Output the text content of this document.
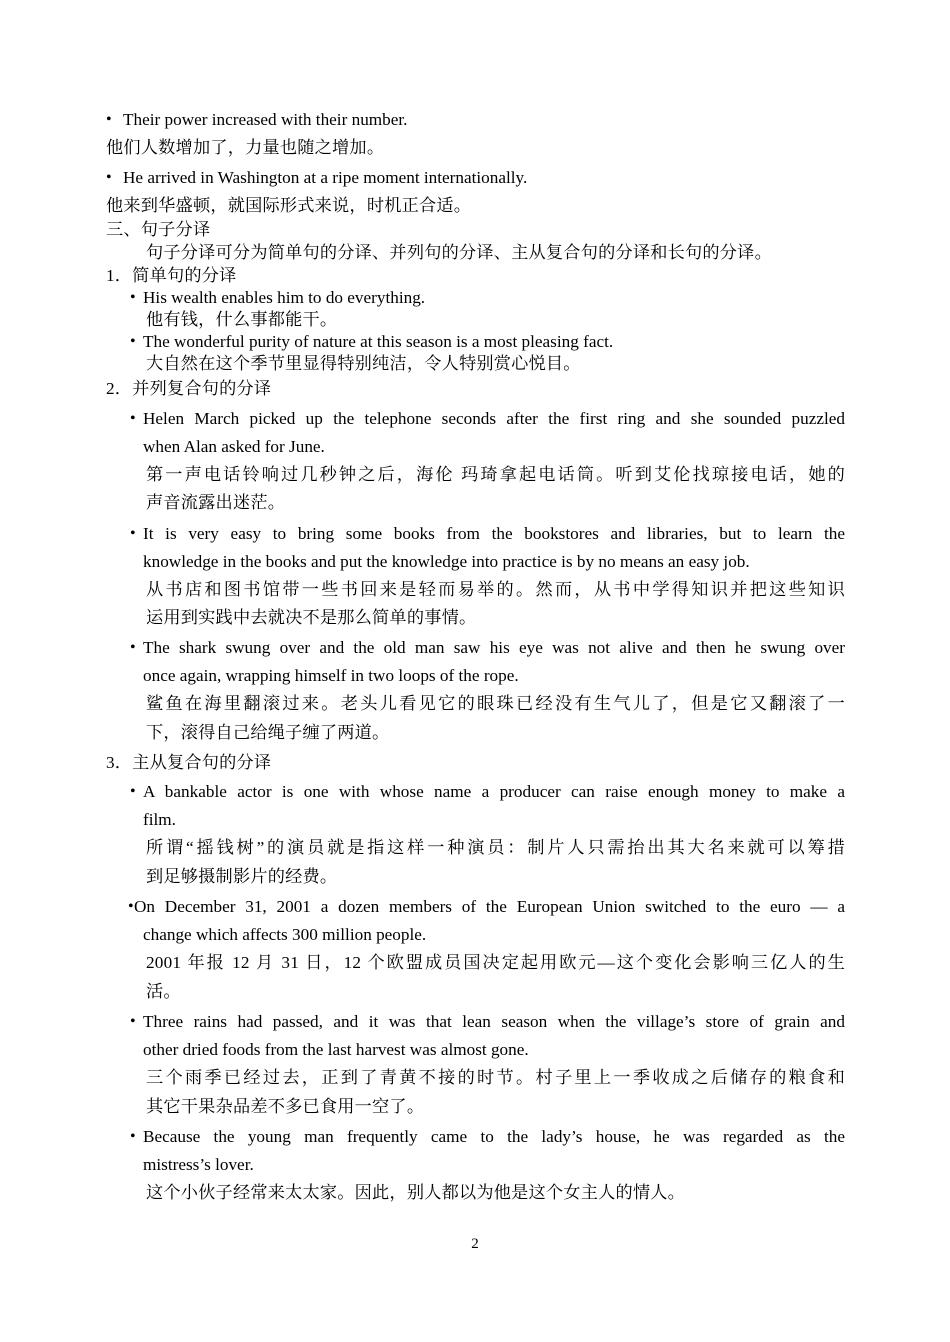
• Their power increased with their number.
他们人数增加了，力量也随之增加。
• He arrived in Washington at a ripe moment internationally.
他来到华盛顿，就国际形式来说，时机正合适。
三、句子分译
句子分译可分为简单句的分译、并列句的分译、主从复合句的分译和长句的分译。
1．简单句的分译
• His wealth enables him to do everything.
他有钱，什么事都能干。
• The wonderful purity of nature at this season is a most pleasing fact.
大自然在这个季节里显得特别纯洁，令人特别赏心悦目。
2．并列复合句的分译
• Helen March picked up the telephone seconds after the first ring and she sounded puzzled
when Alan asked for June.
第一声电话铃响过几秒钟之后，海伦 玛琦拿起电话筒。听到艾伦找琼接电话，她的
声音流露出迷茫。
• It is very easy to bring some books from the bookstores and libraries, but to learn the
knowledge in the books and put the knowledge into practice is by no means an easy job.
从书店和图书馆带一些书回来是轻而易举的。然而，从书中学得知识并把这些知识
运用到实践中去就决不是那么简单的事情。
• The shark swung over and the old man saw his eye was not alive and then he swung over
once again, wrapping himself in two loops of the rope.
鲨鱼在海里翻滚过来。老头儿看见它的眼珠已经没有生气儿了，但是它又翻滚了一
下，滚得自己给绳子缠了两道。
3．主从复合句的分译
• A bankable actor is one with whose name a producer can raise enough money to make a
film.
所谓“摇钱树”的演员就是指这样一种演员：制片人只需抬出其大名来就可以筹措
到足够摄制影片的经费。
• On December 31, 2001 a dozen members of the European Union switched to the euro — a
change which affects 300 million people.
2001 年报 12 月 31 日，12 个欧盟成员国决定起用欧元—这个变化会影响三亿人的生
活。
• Three rains had passed, and it was that lean season when the village’s store of grain and
other dried foods from the last harvest was almost gone.
三个雨季已经过去，正到了青黄不接的时节。村子里上一季收成之后储存的粮食和
其它干果杂品差不多已食用一空了。
• Because the young man frequently came to the lady’s house, he was regarded as the
mistress’s lover.
这个小伙子经常来太太家。因此，别人都以为他是这个女主人的情人。
2
